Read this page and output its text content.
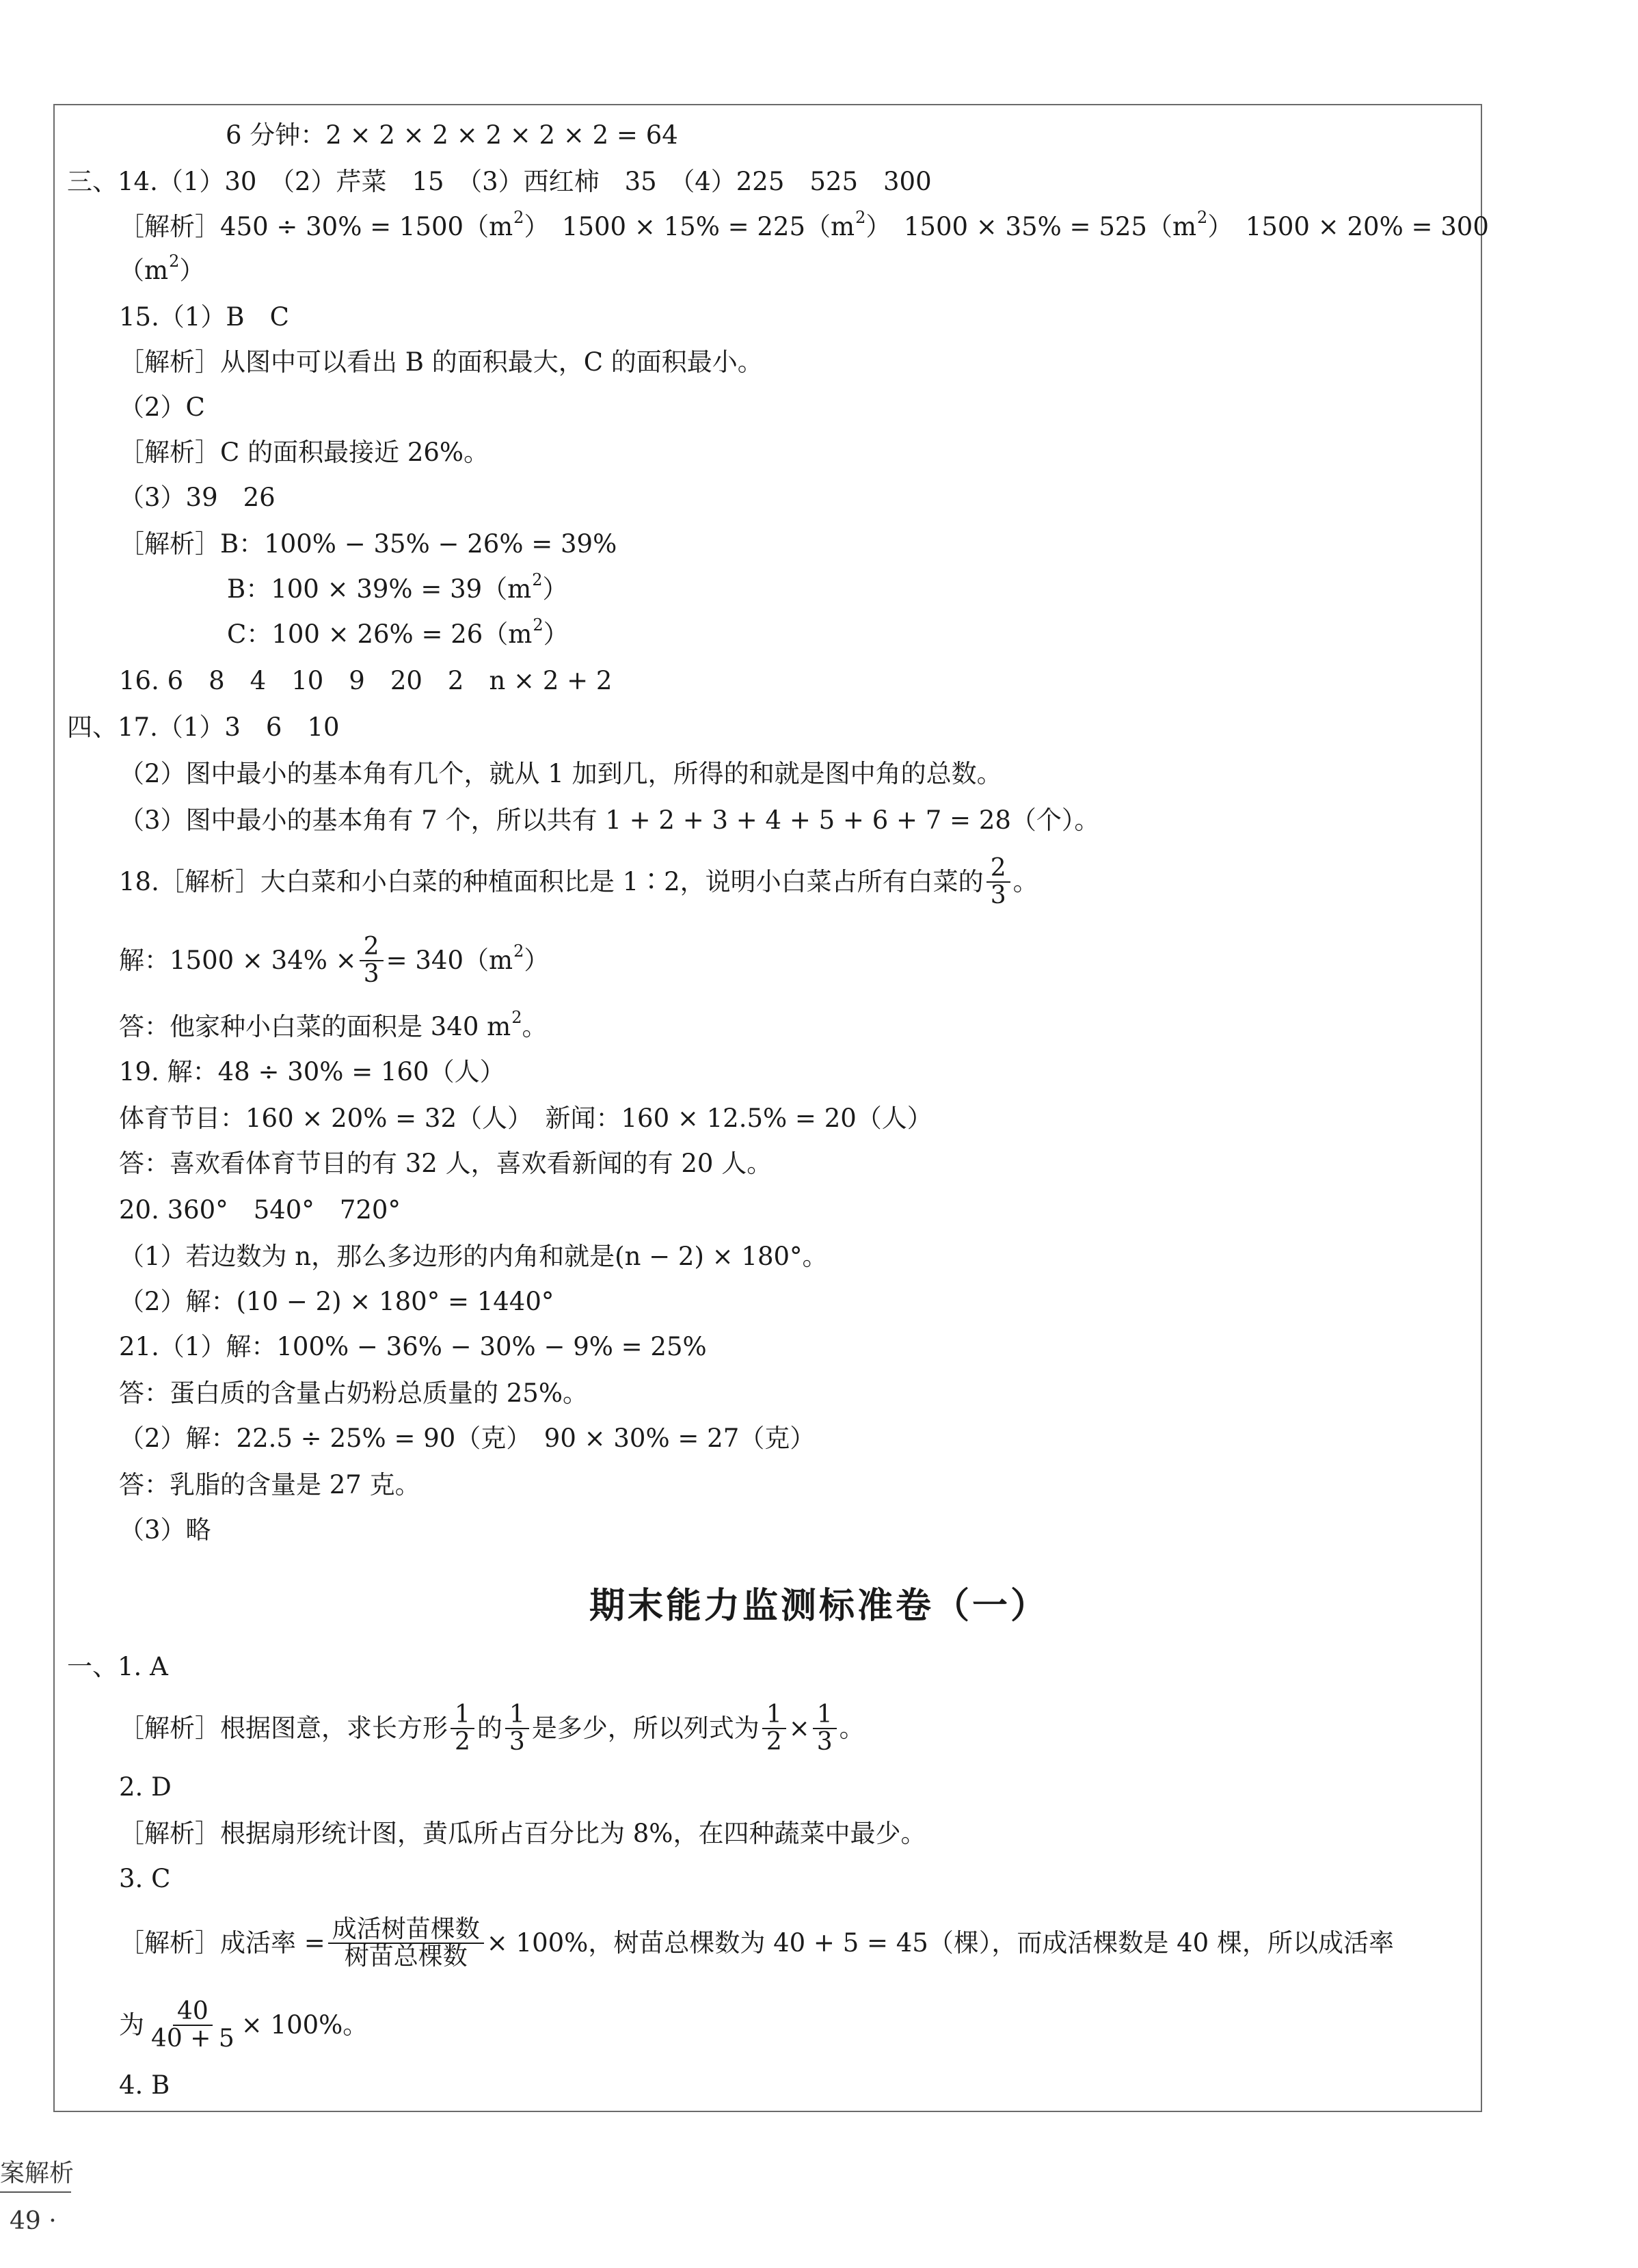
6 分钟：2 × 2 × 2 × 2 × 2 × 2 = 64
三、14.（1）30　（2）芹菜　15　（3）西红柿　35　（4）225　525　300
［解析］450 ÷ 30% = 1500（m 2 ）　1500 × 15% = 225（m 2 ）　1500 × 35% = 525（m 2 ）　1500 × 20% = 300
（m 2 ）
15.（1）B　C
［解析］从图中可以看出 B 的面积最大，C 的面积最小。
（2）C
［解析］C 的面积最接近 26%。
（3）39　26
［解析］B：100% − 35% − 26% = 39%
B：100 × 39% = 39（m 2 ）
C：100 × 26% = 26（m 2 ）
16. 6　8　4　10　9　20　2　n × 2 + 2
四、17.（1）3　6　10
（2）图中最小的基本角有几个，就从 1 加到几，所得的和就是图中角的总数。
（3）图中最小的基本角有 7 个，所以共有 1 + 2 + 3 + 4 + 5 + 6 + 7 = 28（个）。
18.［解析］大白菜和小白菜的种植面积比是 1∶2，说明小白菜占所有白菜的 $\frac{2}{3}$ 。
解：$1500 \times 34\% \times \frac{2}{3} = 340(m$ 2 ）
答：他家种小白菜的面积是 340 m 2 。
19. 解：48 ÷ 30% = 160（人）
体育节目：160 × 20% = 32（人）　新闻：160 × 12.5% = 20（人）
答：喜欢看体育节目的有 32 人，喜欢看新闻的有 20 人。
20. 360°　540°　720°
（1）若边数为 n，那么多边形的内角和就是(n − 2) × 180°。
（2）解：(10 − 2) × 180° = 1440°
21.（1）解：100% − 36% − 30% − 9% = 25%
答：蛋白质的含量占奶粉总质量的 25%。
（2）解：22.5 ÷ 25% = 90（克）　90 × 30% = 27（克）
答：乳脂的含量是 27 克。
（3）略
期末能力监测标准卷（一）
一、1. A
［解析］根据图意，求长方形 $\frac{1}{2}$ 的 $\frac{1}{3}$ 是多少，所以列式为 $\frac{1}{2} \times \frac{1}{3}$ 。
2. D
［解析］根据扇形统计图，黄瓜所占百分比为 8%，在四种蔬菜中最少。
3. C
［解析］成活率 = $\frac{\text{成活树苗棵数}}{\text{树苗总棵数}} \times 100\%$，树苗总棵数为 40 + 5 = 45（棵），而成活棵数是 40 棵，所以成活率
为 $\frac{40}{40 + 5} \times 100\%$。
4. B
案解析
49 ·
